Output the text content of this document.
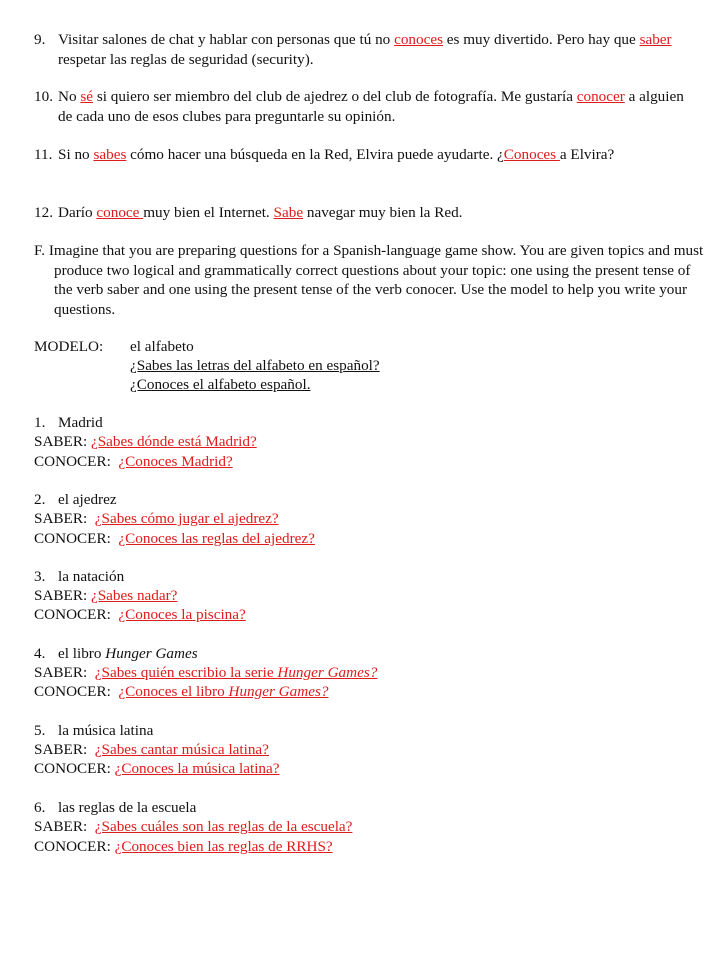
9. Visitar salones de chat y hablar con personas que tú no conoces es muy divertido. Pero hay que saber respetar las reglas de seguridad (security).
10. No sé si quiero ser miembro del club de ajedrez o del club de fotografía. Me gustaría conocer a alguien de cada uno de esos clubes para preguntarle su opinión.
11. Si no sabes cómo hacer una búsqueda en la Red, Elvira puede ayudarte. ¿Conoces a Elvira?
12. Darío conoce muy bien el Internet. Sabe navegar muy bien la Red.
F. Imagine that you are preparing questions for a Spanish-language game show. You are given topics and must produce two logical and grammatically correct questions about your topic: one using the present tense of the verb saber and one using the present tense of the verb conocer. Use the model to help you write your questions.
MODELO: el alfabeto
¿Sabes las letras del alfabeto en español?
¿Conoces el alfabeto español.
1. Madrid
SABER: ¿Sabes dónde está Madrid?
CONOCER: ¿Conoces Madrid?
2. el ajedrez
SABER: ¿Sabes cómo jugar el ajedrez?
CONOCER: ¿Conoces las reglas del ajedrez?
3. la natación
SABER: ¿Sabes nadar?
CONOCER: ¿Conoces la piscina?
4. el libro Hunger Games
SABER: ¿Sabes quién escribio la serie Hunger Games?
CONOCER: ¿Conoces el libro Hunger Games?
5. la música latina
SABER: ¿Sabes cantar música latina?
CONOCER: ¿Conoces la música latina?
6. las reglas de la escuela
SABER: ¿Sabes cuáles son las reglas de la escuela?
CONOCER: ¿Conoces bien las reglas de RRHS?
